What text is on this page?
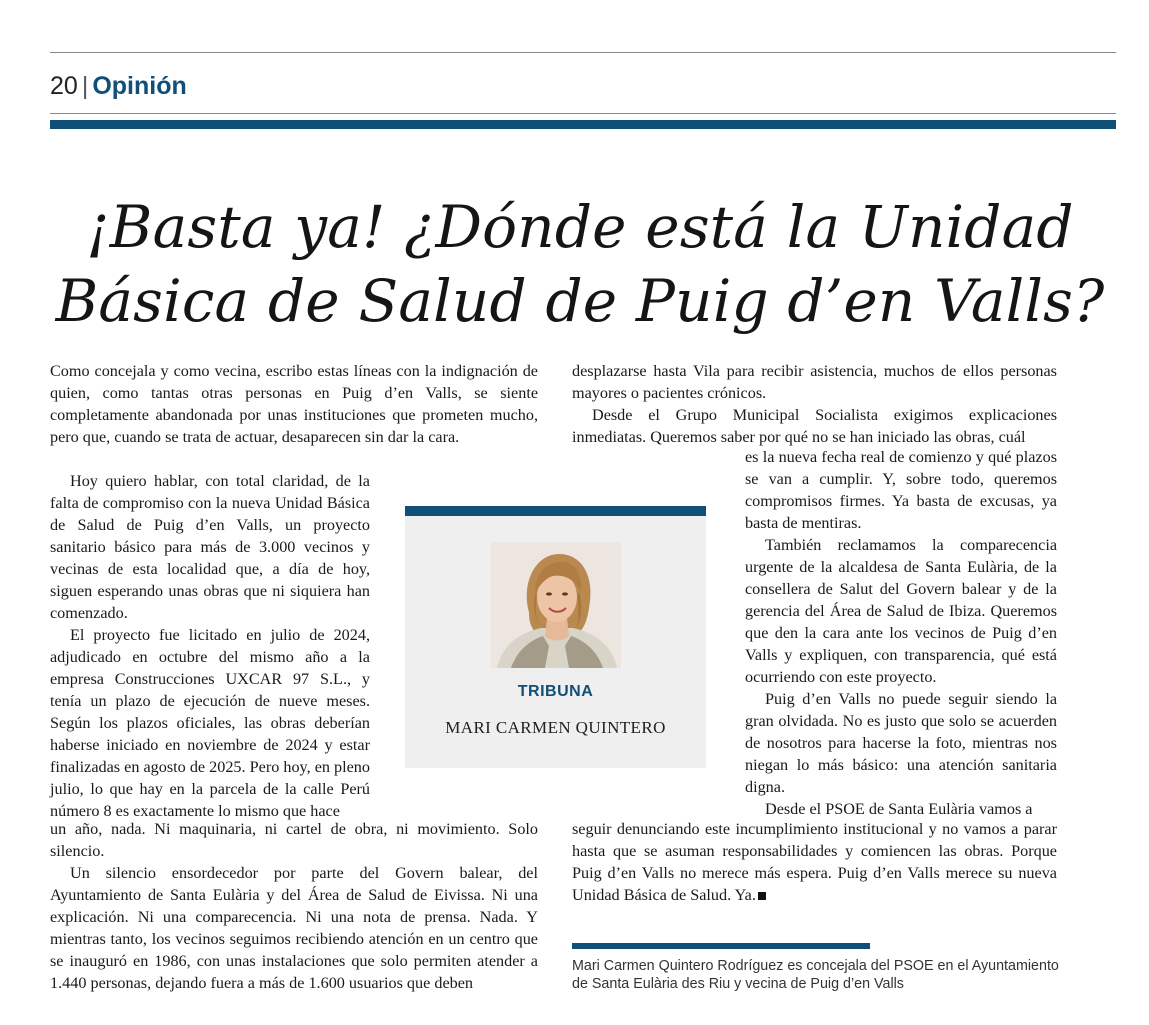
20 | Opinión
¡Basta ya! ¿Dónde está la Unidad
Básica de Salud de Puig d’en Valls?

Como concejala y como vecina, escribo estas líneas con la indignación de quien, como tantas otras personas en Puig d’en Valls, se siente completamente abandonada por unas instituciones que prometen mucho, pero que, cuando se trata de actuar, desaparecen sin dar la cara.

Hoy quiero hablar, con total claridad, de la falta de compromiso con la nueva Unidad Básica de Salud de Puig d’en Valls, un proyecto sanitario básico para más de 3.000 vecinos y vecinas de esta localidad que, a día de hoy, siguen esperando unas obras que ni siquiera han comenzado.

El proyecto fue licitado en julio de 2024, adjudicado en octubre del mismo año a la empresa Construcciones UXCAR 97 S.L., y tenía un plazo de ejecución de nueve meses. Según los plazos oficiales, las obras deberían haberse iniciado en noviembre de 2024 y estar finalizadas en agosto de 2025. Pero hoy, en pleno julio, lo que hay en la parcela de la calle Perú número 8 es exactamente lo mismo que hace

un año, nada. Ni maquinaria, ni cartel de obra, ni movimiento. Solo silencio.

Un silencio ensordecedor por parte del Govern balear, del Ayuntamiento de Santa Eulària y del Área de Salud de Eivissa. Ni una explicación. Ni una comparecencia. Ni una nota de prensa. Nada. Y mientras tanto, los vecinos seguimos recibiendo atención en un centro que se inauguró en 1986, con unas instalaciones que solo permiten atender a 1.440 personas, dejando fuera a más de 1.600 usuarios que deben

desplazarse hasta Vila para recibir asistencia, muchos de ellos personas mayores o pacientes crónicos.

Desde el Grupo Municipal Socialista exigimos explicaciones inmediatas. Queremos saber por qué no se han iniciado las obras, cuál

es la nueva fecha real de comienzo y qué plazos se van a cumplir. Y, sobre todo, queremos compromisos firmes. Ya basta de excusas, ya basta de mentiras.

También reclamamos la comparecencia urgente de la alcaldesa de Santa Eulària, de la consellera de Salut del Govern balear y de la gerencia del Área de Salud de Ibiza. Queremos que den la cara ante los vecinos de Puig d’en Valls y expliquen, con transparencia, qué está ocurriendo con este proyecto.

Puig d’en Valls no puede seguir siendo la gran olvidada. No es justo que solo se acuerden de nosotros para hacerse la foto, mientras nos niegan lo más básico: una atención sanitaria digna.

Desde el PSOE de Santa Eulària vamos a

seguir denunciando este incumplimiento institucional y no vamos a parar hasta que se asuman responsabilidades y comiencen las obras. Porque Puig d’en Valls no merece más espera. Puig d’en Valls merece su nueva Unidad Básica de Salud. Ya.

TRIBUNA
MARI CARMEN QUINTERO
Mari Carmen Quintero Rodríguez es concejala del PSOE en el Ayuntamiento de Santa Eulària des Riu y vecina de Puig d’en Valls
